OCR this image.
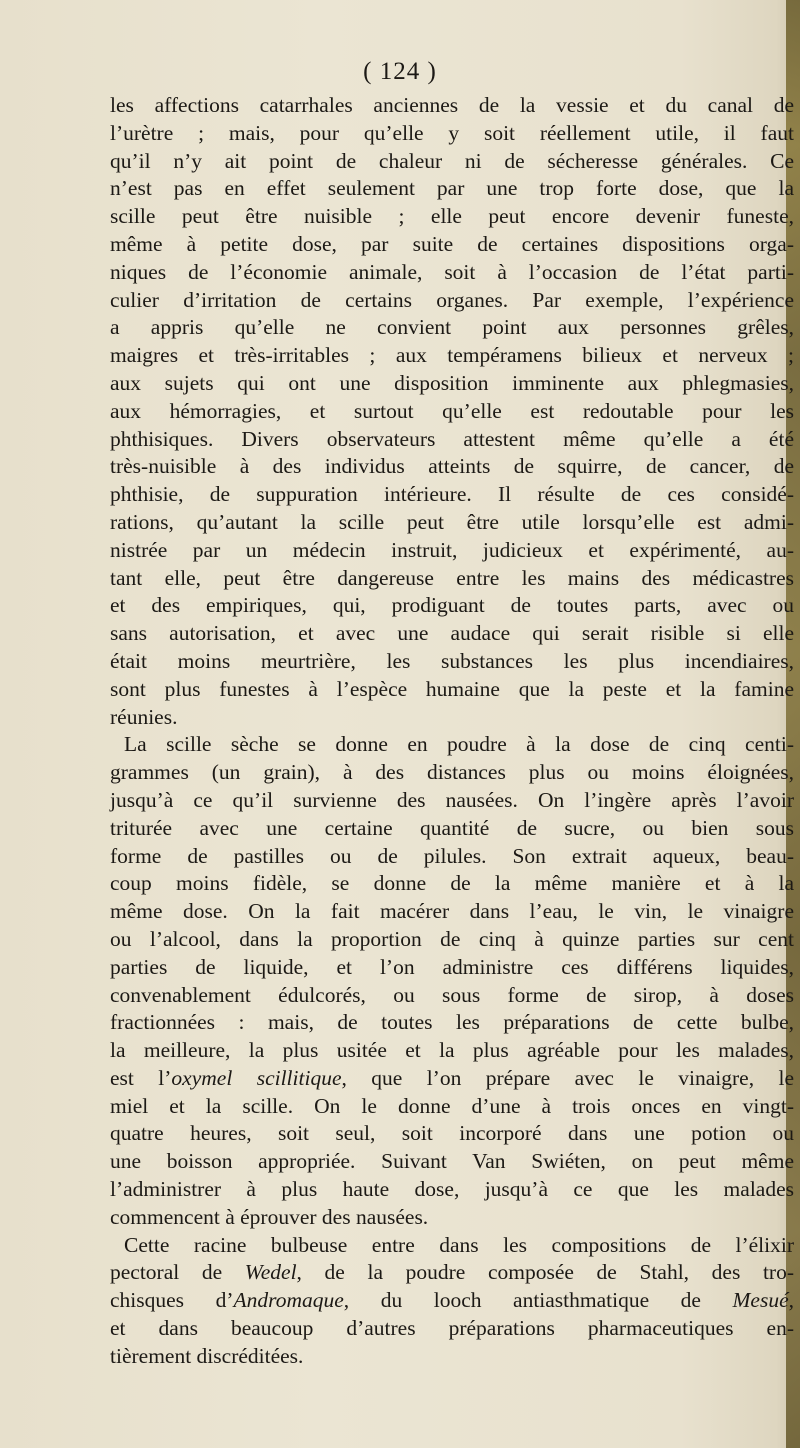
( 124 )
les affections catarrhales anciennes de la vessie et du canal de
l’urètre ; mais, pour qu’elle y soit réellement utile, il faut
qu’il n’y ait point de chaleur ni de sécheresse générales. Ce
n’est pas en effet seulement par une trop forte dose, que la
scille peut être nuisible ; elle peut encore devenir funeste,
même à petite dose, par suite de certaines dispositions orga-
niques de l’économie animale, soit à l’occasion de l’état parti-
culier d’irritation de certains organes. Par exemple, l’expérience
a appris qu’elle ne convient point aux personnes grêles,
maigres et très-irritables ; aux tempéramens bilieux et nerveux ;
aux sujets qui ont une disposition imminente aux phlegmasies,
aux hémorragies, et surtout qu’elle est redoutable pour les
phthisiques. Divers observateurs attestent même qu’elle a été
très-nuisible à des individus atteints de squirre, de cancer, de
phthisie, de suppuration intérieure. Il résulte de ces considé-
rations, qu’autant la scille peut être utile lorsqu’elle est admi-
nistrée par un médecin instruit, judicieux et expérimenté, au-
tant elle, peut être dangereuse entre les mains des médicastres
et des empiriques, qui, prodiguant de toutes parts, avec ou
sans autorisation, et avec une audace qui serait risible si elle
était moins meurtrière, les substances les plus incendiaires,
sont plus funestes à l’espèce humaine que la peste et la famine
réunies.
La scille sèche se donne en poudre à la dose de cinq centi-
grammes (un grain), à des distances plus ou moins éloignées,
jusqu’à ce qu’il survienne des nausées. On l’ingère après l’avoir
triturée avec une certaine quantité de sucre, ou bien sous
forme de pastilles ou de pilules. Son extrait aqueux, beau-
coup moins fidèle, se donne de la même manière et à la
même dose. On la fait macérer dans l’eau, le vin, le vinaigre
ou l’alcool, dans la proportion de cinq à quinze parties sur cent
parties de liquide, et l’on administre ces différens liquides,
convenablement édulcorés, ou sous forme de sirop, à doses
fractionnées : mais, de toutes les préparations de cette bulbe,
la meilleure, la plus usitée et la plus agréable pour les malades,
est l’oxymel scillitique, que l’on prépare avec le vinaigre, le
miel et la scille. On le donne d’une à trois onces en vingt-
quatre heures, soit seul, soit incorporé dans une potion ou
une boisson appropriée. Suivant Van Swiéten, on peut même
l’administrer à plus haute dose, jusqu’à ce que les malades
commencent à éprouver des nausées.
Cette racine bulbeuse entre dans les compositions de l’élixir
pectoral de Wedel, de la poudre composée de Stahl, des tro-
chisques d’Andromaque, du looch antiasthmatique de Mesué,
et dans beaucoup d’autres préparations pharmaceutiques en-
tièrement discréditées.
